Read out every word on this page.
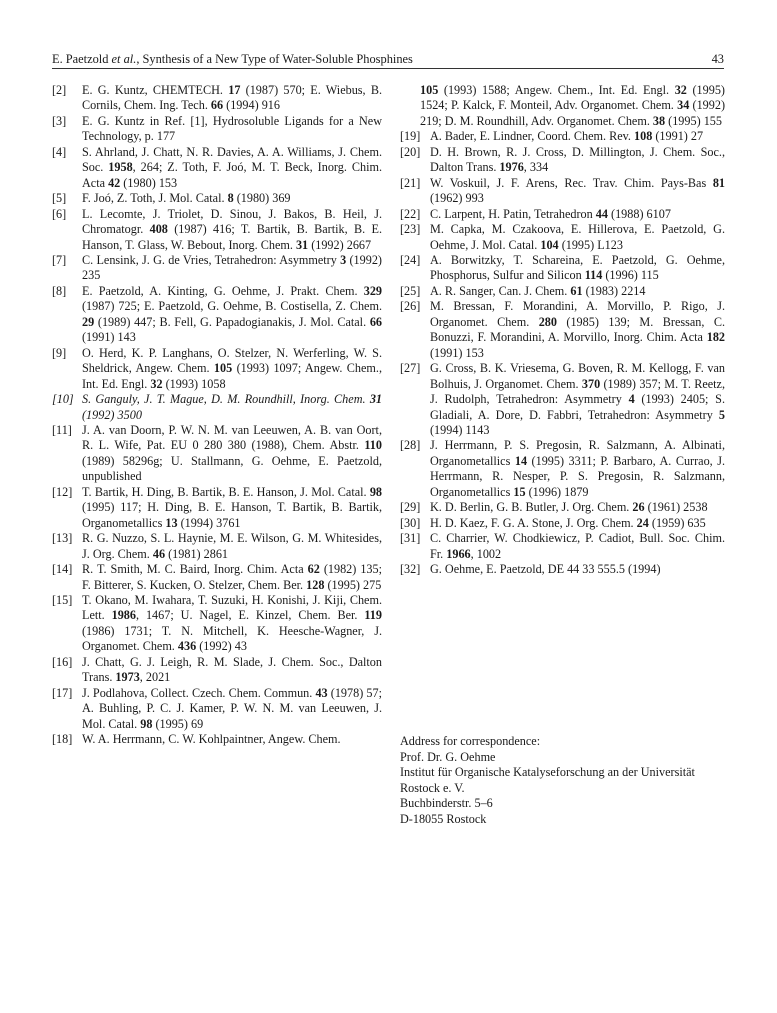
E. Paetzold et al., Synthesis of a New Type of Water-Soluble Phosphines	43

[2] E. G. Kuntz, CHEMTECH. 17 (1987) 570; E. Wiebus, B. Cornils, Chem. Ing. Tech. 66 (1994) 916

[3] E. G. Kuntz in Ref. [1], Hydrosoluble Ligands for a New Technology, p. 177

[4] S. Ahrland, J. Chatt, N. R. Davies, A. A. Williams, J. Chem. Soc. 1958, 264; Z. Toth, F. Joó, M. T. Beck, Inorg. Chim. Acta 42 (1980) 153

[5] F. Joó, Z. Toth, J. Mol. Catal. 8 (1980) 369

[6] L. Lecomte, J. Triolet, D. Sinou, J. Bakos, B. Heil, J. Chromatogr. 408 (1987) 416; T. Bartik, B. Bartik, B. E. Hanson, T. Glass, W. Bebout, Inorg. Chem. 31 (1992) 2667

[7] C. Lensink, J. G. de Vries, Tetrahedron: Asymmetry 3 (1992) 235

[8] E. Paetzold, A. Kinting, G. Oehme, J. Prakt. Chem. 329 (1987) 725; E. Paetzold, G. Oehme, B. Costisella, Z. Chem. 29 (1989) 447; B. Fell, G. Papadogianakis, J. Mol. Catal. 66 (1991) 143

[9] O. Herd, K. P. Langhans, O. Stelzer, N. Werferling, W. S. Sheldrick, Angew. Chem. 105 (1993) 1097; Angew. Chem., Int. Ed. Engl. 32 (1993) 1058

[10] S. Ganguly, J. T. Mague, D. M. Roundhill, Inorg. Chem. 31 (1992) 3500

[11] J. A. van Doorn, P. W. N. M. van Leeuwen, A. B. van Oort, R. L. Wife, Pat. EU 0 280 380 (1988), Chem. Abstr. 110 (1989) 58296g; U. Stallmann, G. Oehme, E. Paetzold, unpublished

[12] T. Bartik, H. Ding, B. Bartik, B. E. Hanson, J. Mol. Catal. 98 (1995) 117; H. Ding, B. E. Hanson, T. Bartik, B. Bartik, Organometallics 13 (1994) 3761

[13] R. G. Nuzzo, S. L. Haynie, M. E. Wilson, G. M. Whitesides, J. Org. Chem. 46 (1981) 2861

[14] R. T. Smith, M. C. Baird, Inorg. Chim. Acta 62 (1982) 135; F. Bitterer, S. Kucken, O. Stelzer, Chem. Ber. 128 (1995) 275

[15] T. Okano, M. Iwahara, T. Suzuki, H. Konishi, J. Kiji, Chem. Lett. 1986, 1467; U. Nagel, E. Kinzel, Chem. Ber. 119 (1986) 1731; T. N. Mitchell, K. Heesche-Wagner, J. Organomet. Chem. 436 (1992) 43

[16] J. Chatt, G. J. Leigh, R. M. Slade, J. Chem. Soc., Dalton Trans. 1973, 2021

[17] J. Podlahova, Collect. Czech. Chem. Commun. 43 (1978) 57; A. Buhling, P. C. J. Kamer, P. W. N. M. van Leeuwen, J. Mol. Catal. 98 (1995) 69

[18] W. A. Herrmann, C. W. Kohlpaintner, Angew. Chem.

105 (1993) 1588; Angew. Chem., Int. Ed. Engl. 32 (1995) 1524; P. Kalck, F. Monteil, Adv. Organomet. Chem. 34 (1992) 219; D. M. Roundhill, Adv. Organomet. Chem. 38 (1995) 155

[19] A. Bader, E. Lindner, Coord. Chem. Rev. 108 (1991) 27

[20] D. H. Brown, R. J. Cross, D. Millington, J. Chem. Soc., Dalton Trans. 1976, 334

[21] W. Voskuil, J. F. Arens, Rec. Trav. Chim. Pays-Bas 81 (1962) 993

[22] C. Larpent, H. Patin, Tetrahedron 44 (1988) 6107

[23] M. Capka, M. Czakoova, E. Hillerova, E. Paetzold, G. Oehme, J. Mol. Catal. 104 (1995) L123

[24] A. Borwitzky, T. Schareina, E. Paetzold, G. Oehme, Phosphorus, Sulfur and Silicon 114 (1996) 115

[25] A. R. Sanger, Can. J. Chem. 61 (1983) 2214

[26] M. Bressan, F. Morandini, A. Morvillo, P. Rigo, J. Organomet. Chem. 280 (1985) 139; M. Bressan, C. Bonuzzi, F. Morandini, A. Morvillo, Inorg. Chim. Acta 182 (1991) 153

[27] G. Cross, B. K. Vriesema, G. Boven, R. M. Kellogg, F. van Bolhuis, J. Organomet. Chem. 370 (1989) 357; M. T. Reetz, J. Rudolph, Tetrahedron: Asymmetry 4 (1993) 2405; S. Gladiali, A. Dore, D. Fabbri, Tetrahedron: Asymmetry 5 (1994) 1143

[28] J. Herrmann, P. S. Pregosin, R. Salzmann, A. Albinati, Organometallics 14 (1995) 3311; P. Barbaro, A. Currao, J. Herrmann, R. Nesper, P. S. Pregosin, R. Salzmann, Organometallics 15 (1996) 1879

[29] K. D. Berlin, G. B. Butler, J. Org. Chem. 26 (1961) 2538

[30] H. D. Kaez, F. G. A. Stone, J. Org. Chem. 24 (1959) 635

[31] C. Charrier, W. Chodkiewicz, P. Cadiot, Bull. Soc. Chim. Fr. 1966, 1002

[32] G. Oehme, E. Paetzold, DE 44 33 555.5 (1994)

Address for correspondence:
Prof. Dr. G. Oehme
Institut für Organische Katalyseforschung an der Universität
Rostock e. V.
Buchbinderstr. 5–6
D-18055 Rostock
